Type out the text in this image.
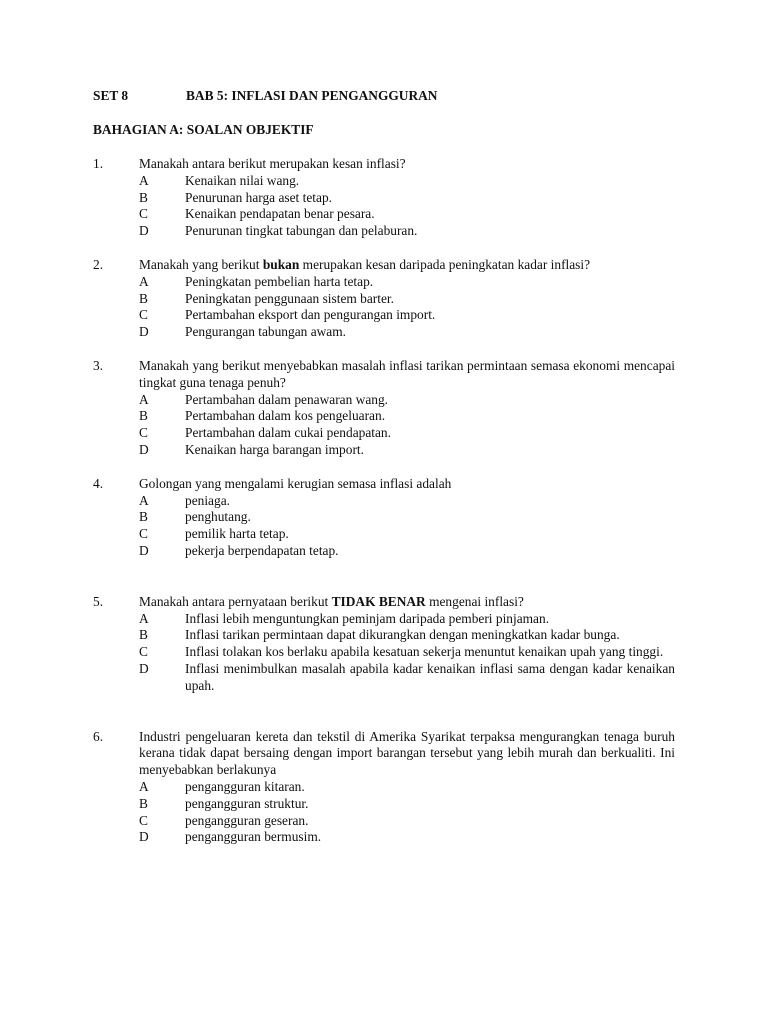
SET 8	BAB 5: INFLASI DAN PENGANGGURAN
BAHAGIAN A: SOALAN OBJEKTIF
1.	Manakah antara berikut merupakan kesan inflasi?
A	Kenaikan nilai wang.
B	Penurunan harga aset tetap.
C	Kenaikan pendapatan benar pesara.
D	Penurunan tingkat tabungan dan pelaburan.
2.	Manakah yang berikut bukan merupakan kesan daripada peningkatan kadar inflasi?
A	Peningkatan pembelian harta tetap.
B	Peningkatan penggunaan sistem barter.
C	Pertambahan eksport dan pengurangan import.
D	Pengurangan tabungan awam.
3.	Manakah yang berikut menyebabkan masalah inflasi tarikan permintaan semasa ekonomi mencapai tingkat guna tenaga penuh?
A	Pertambahan dalam penawaran wang.
B	Pertambahan dalam kos pengeluaran.
C	Pertambahan dalam cukai pendapatan.
D	Kenaikan harga barangan import.
4.	Golongan yang mengalami kerugian semasa inflasi adalah
A	peniaga.
B	penghutang.
C	pemilik harta tetap.
D	pekerja berpendapatan tetap.
5.	Manakah antara pernyataan berikut TIDAK BENAR mengenai inflasi?
A	Inflasi lebih menguntungkan peminjam daripada pemberi pinjaman.
B	Inflasi tarikan permintaan dapat dikurangkan dengan meningkatkan kadar bunga.
C	Inflasi tolakan kos berlaku apabila kesatuan sekerja menuntut kenaikan upah yang tinggi.
D	Inflasi menimbulkan masalah apabila kadar kenaikan inflasi sama dengan kadar kenaikan upah.
6.	Industri pengeluaran kereta dan tekstil di Amerika Syarikat terpaksa mengurangkan tenaga buruh kerana tidak dapat bersaing dengan import barangan tersebut yang lebih murah dan berkualiti. Ini menyebabkan berlakunya
A	pengangguran kitaran.
B	pengangguran struktur.
C	pengangguran geseran.
D	pengangguran bermusim.
